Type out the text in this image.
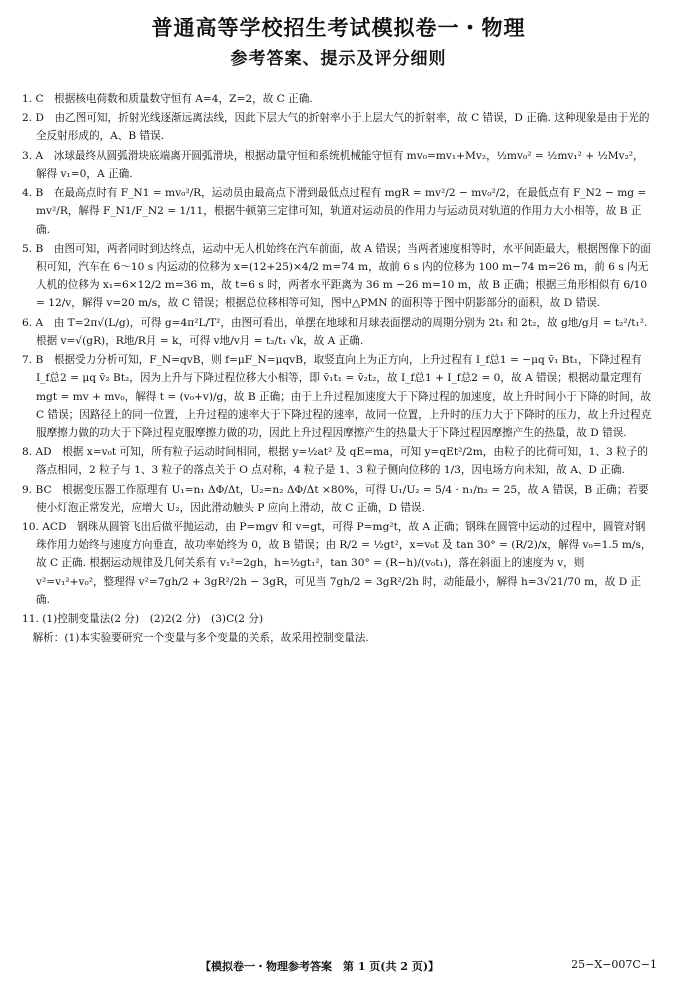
普通高等学校招生考试模拟卷一・物理
参考答案、提示及评分细则

1. C　根据核电荷数和质量数守恒有 A=4，Z=2，故 C 正确.

2. D　由乙图可知，折射光线逐渐远离法线，因此下层大气的折射率小于上层大气的折射率，故 C 错误，D 正确. 这种现象是由于光的全反射形成的，A、B 错误.

3. A　冰球最终从圆弧滑块底端离开圆弧滑块，根据动量守恒和系统机械能守恒有 mv₀=mv₁+Mv₂，½mv₀² = ½mv₁² + ½Mv₂²，解得 v₁=0，A 正确.

4. B　在最高点时有 F_N1 = mv₀²/R，运动员由最高点下滑到最低点过程有 mgR = mv²/2 − mv₀²/2，在最低点有 F_N2 − mg = mv²/R，解得 F_N1/F_N2 = 1/11，根据牛顿第三定律可知，轨道对运动员的作用力与运动员对轨道的作用力大小相等，故 B 正确.

5. B　由图可知，两者同时到达终点，运动中无人机始终在汽车前面，故 A 错误；当两者速度相等时，水平间距最大，根据图像下的面积可知，汽车在 6～10 s 内运动的位移为 x=(12+25)×4/2 m=74 m，故前 6 s 内的位移为 100 m−74 m=26 m，前 6 s 内无人机的位移为 x₁=6×12/2 m=36 m，故 t=6 s 时，两者水平距离为 36 m −26 m=10 m，故 B 正确；根据三角形相似有 6/10 = 12/v，解得 v=20 m/s，故 C 错误；根据总位移相等可知，图中△PMN 的面积等于图中阴影部分的面积，故 D 错误.

6. A　由 T=2π√(L/g)，可得 g=4π²L/T²，由图可看出，单摆在地球和月球表面摆动的周期分别为 2t₁ 和 2t₂，故 g地/g月 = t₂²/t₁². 根据 v=√(gR)，R地/R月 = k，可得 v地/v月 = t₂/t₁ √k，故 A 正确.

7. B　根据受力分析可知，F_N=qvB，则 f=μF_N=μqvB，取竖直向上为正方向，上升过程有 I_f总1 = −μq v̄₁ Bt₁，下降过程有 I_f总2 = μq v̄₂ Bt₂，因为上升与下降过程位移大小相等，即 v̄₁t₁ = v̄₂t₂，故 I_f总1 + I_f总2 = 0，故 A 错误；根据动量定理有 mgt = mv + mv₀，解得 t = (v₀+v)/g，故 B 正确；由于上升过程加速度大于下降过程的加速度，故上升时间小于下降的时间，故 C 错误；因路径上的同一位置，上升过程的速率大于下降过程的速率，故同一位置，上升时的压力大于下降时的压力，故上升过程克服摩擦力做的功大于下降过程克服摩擦力做的功，因此上升过程因摩擦产生的热量大于下降过程因摩擦产生的热量，故 D 错误.

8. AD　根据 x=v₀t 可知，所有粒子运动时间相同，根据 y=½at² 及 qE=ma，可知 y=qEt²/2m，由粒子的比荷可知，1、3 粒子的落点相同，2 粒子与 1、3 粒子的落点关于 O 点对称，4 粒子是 1、3 粒子侧向位移的 1/3，因电场方向未知，故 A、D 正确.

9. BC　根据变压器工作原理有 U₁=n₁ ΔΦ/Δt，U₂=n₂ ΔΦ/Δt ×80%，可得 U₁/U₂ = 5/4 · n₁/n₂ = 25，故 A 错误，B 正确；若要使小灯泡正常发光，应增大 U₂，因此滑动触头 P 应向上滑动，故 C 正确，D 错误.

10. ACD　钢珠从圆管飞出后做平抛运动，由 P=mgv 和 v=gt，可得 P=mg²t，故 A 正确；钢珠在圆管中运动的过程中，圆管对钢珠作用力始终与速度方向垂直，故功率始终为 0，故 B 错误；由 R/2 = ½gt²，x=v₀t 及 tan 30° = (R/2)/x，解得 v₀=1.5 m/s，故 C 正确. 根据运动规律及几何关系有 v₁²=2gh，h=½gt₁²，tan 30° = (R−h)/(v₀t₁)，落在斜面上的速度为 v，则 v²=v₁²+v₀²，整理得 v²=7gh/2 + 3gR²/2h − 3gR，可见当 7gh/2 = 3gR²/2h 时，动能最小，解得 h=3√21/70 m，故 D 正确.

11. (1)控制变量法(2 分)　(2)2(2 分)　(3)C(2 分)

　解析：(1)本实验要研究一个变量与多个变量的关系，故采用控制变量法.

【模拟卷一・物理参考答案　第 1 页(共 2 页)】	25−X−007C−1
